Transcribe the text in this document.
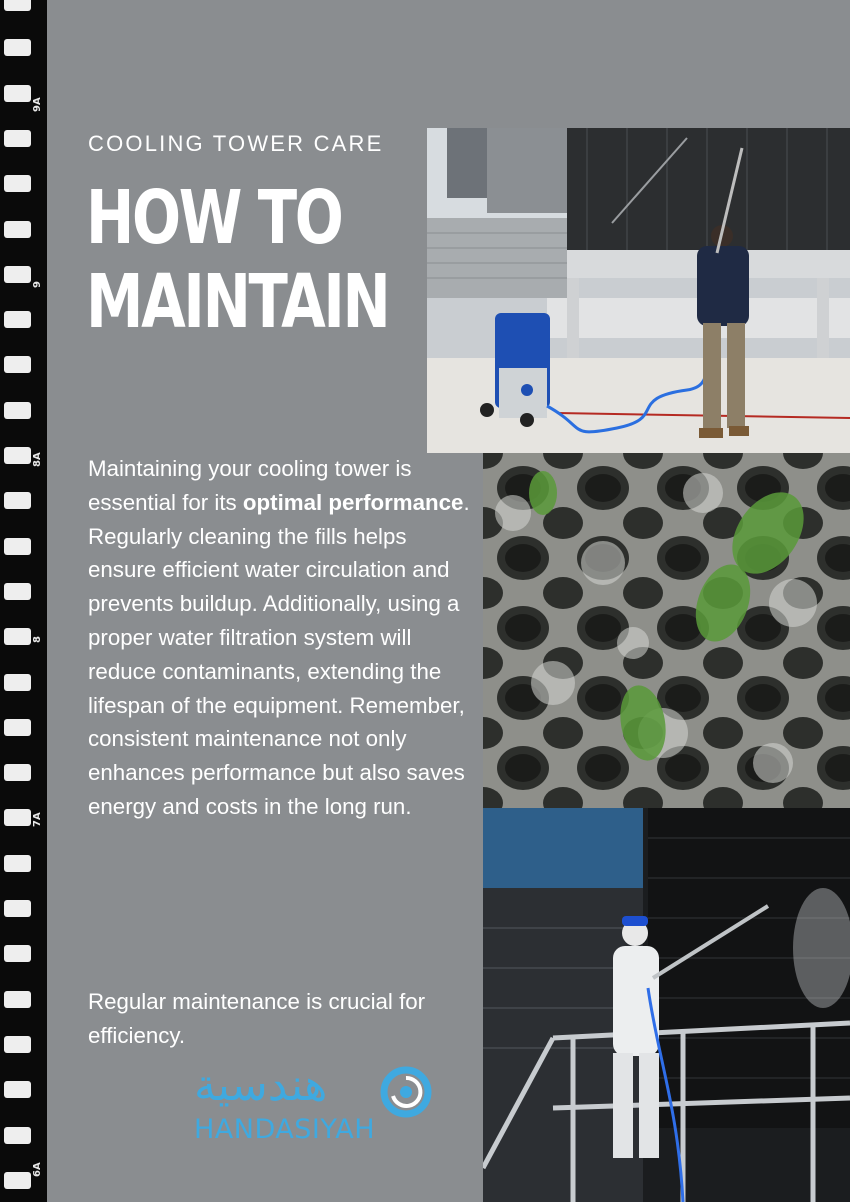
9A
9
8A
8
7A
6A
COOLING TOWER CARE
HOW TO
MAINTAIN

Maintaining your cooling tower is essential for its optimal performance. Regularly cleaning the fills helps ensure efficient water circulation and prevents buildup. Additionally, using a proper water filtration system will reduce contaminants, extending the lifespan of the equipment. Remember, consistent maintenance not only enhances performance but also saves energy and costs in the long run.

Regular maintenance is crucial for efficiency.

هندسية
HANDASIYAH
